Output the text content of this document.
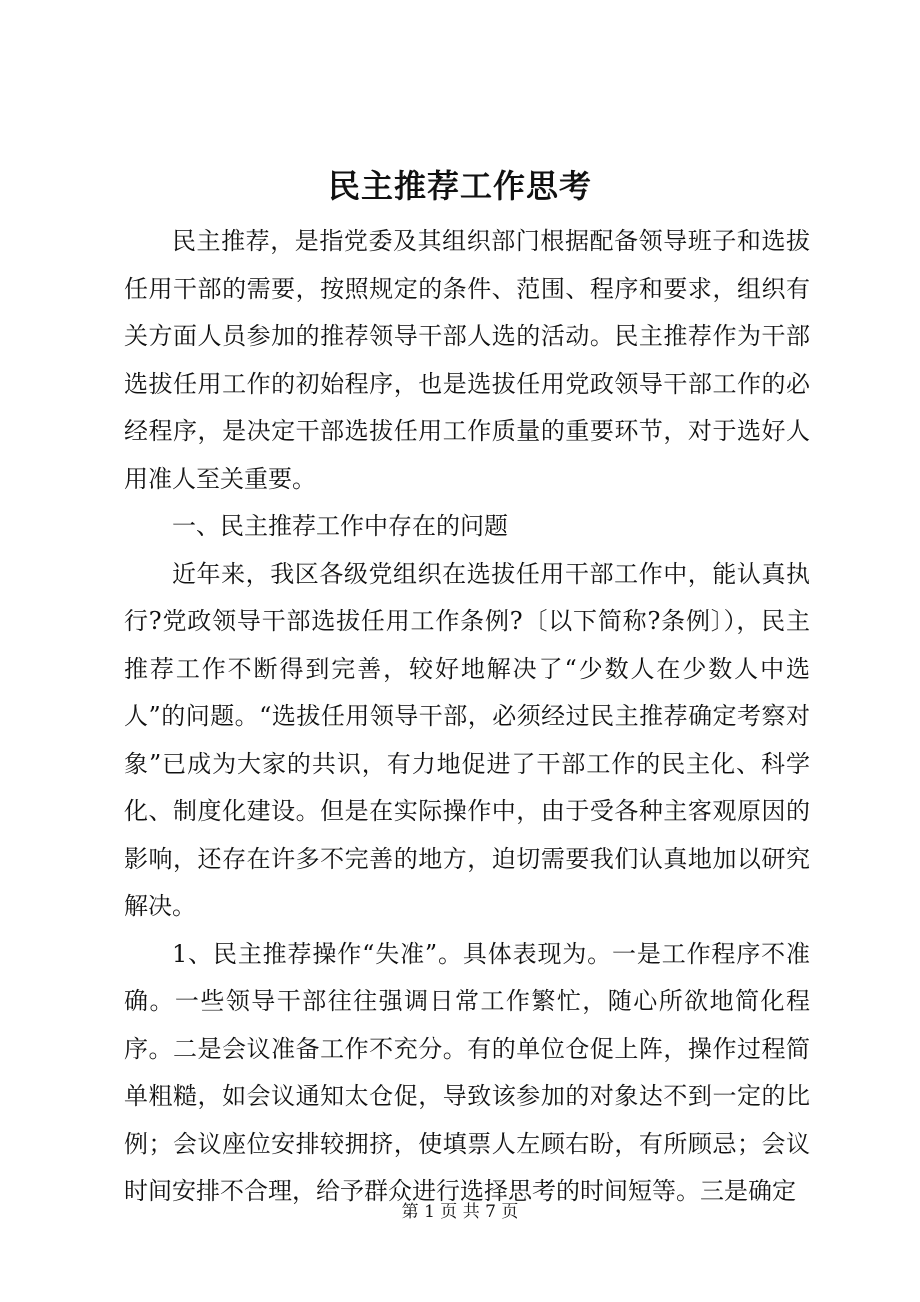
民主推荐工作思考

民主推荐，是指党委及其组织部门根据配备领导班子和选拔任用干部的需要，按照规定的条件、范围、程序和要求，组织有关方面人员参加的推荐领导干部人选的活动。民主推荐作为干部选拔任用工作的初始程序，也是选拔任用党政领导干部工作的必经程序，是决定干部选拔任用工作质量的重要环节，对于选好人用准人至关重要。

一、民主推荐工作中存在的问题

近年来，我区各级党组织在选拔任用干部工作中，能认真执行?党政领导干部选拔任用工作条例?〔以下简称?条例〕），民主推荐工作不断得到完善，较好地解决了“少数人在少数人中选人”的问题。“选拔任用领导干部，必须经过民主推荐确定考察对象”已成为大家的共识，有力地促进了干部工作的民主化、科学化、制度化建设。但是在实际操作中，由于受各种主客观原因的影响，还存在许多不完善的地方，迫切需要我们认真地加以研究解决。

1、民主推荐操作“失准”。具体表现为。一是工作程序不准确。一些领导干部往往强调日常工作繁忙，随心所欲地简化程序。二是会议准备工作不充分。有的单位仓促上阵，操作过程简单粗糙，如会议通知太仓促，导致该参加的对象达不到一定的比例；会议座位安排较拥挤，使填票人左顾右盼，有所顾忌；会议时间安排不合理，给予群众进行选择思考的时间短等。三是确定

第 1 页 共 7 页
